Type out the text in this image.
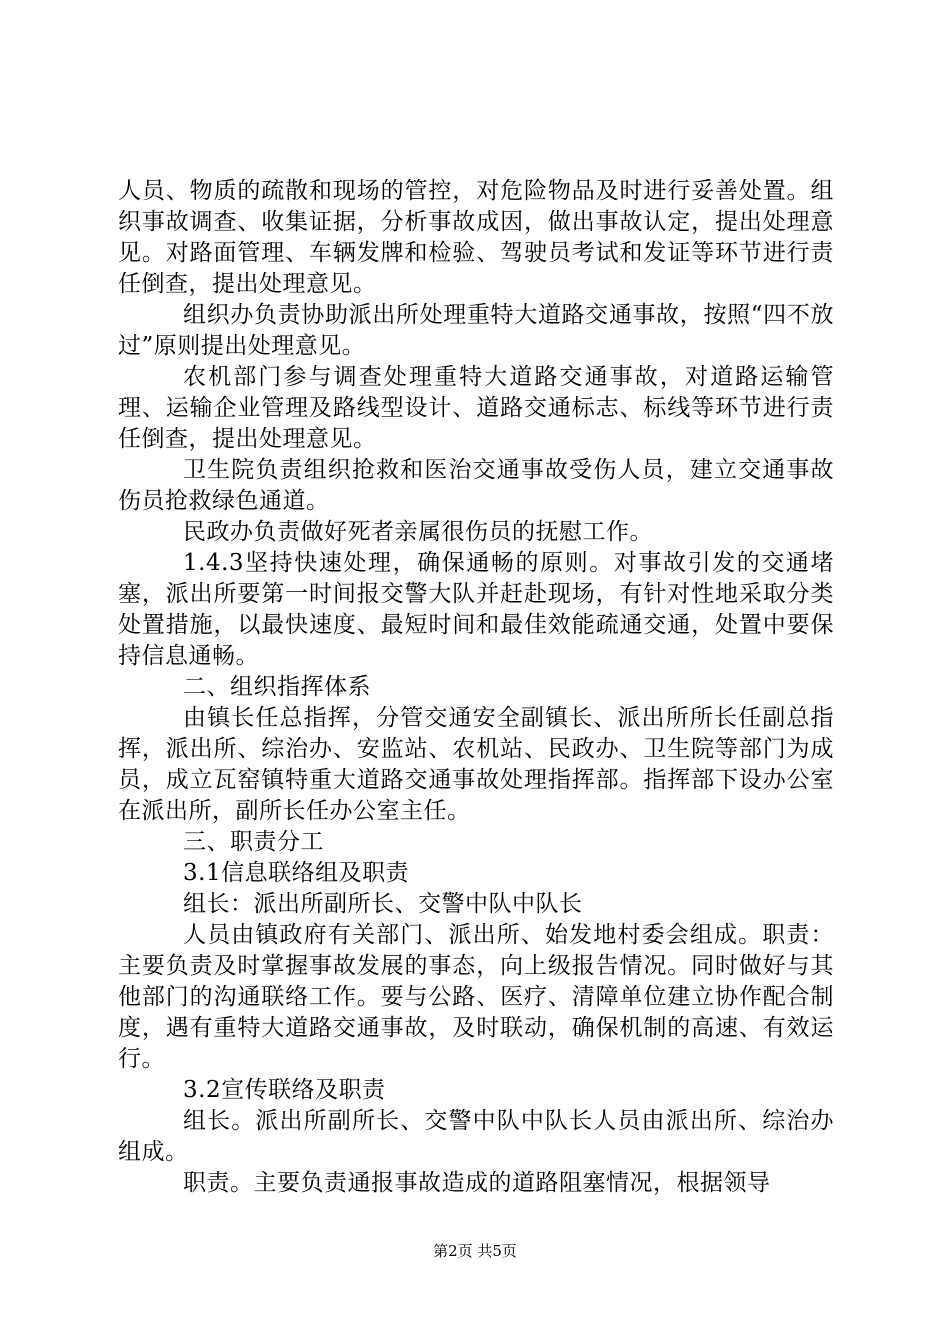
人员、物质的疏散和现场的管控，对危险物品及时进行妥善处置。组织事故调查、收集证据，分析事故成因，做出事故认定，提出处理意见。对路面管理、车辆发牌和检验、驾驶员考试和发证等环节进行责任倒查，提出处理意见。

组织办负责协助派出所处理重特大道路交通事故，按照“四不放过”原则提出处理意见。

农机部门参与调查处理重特大道路交通事故，对道路运输管理、运输企业管理及路线型设计、道路交通标志、标线等环节进行责任倒查，提出处理意见。

卫生院负责组织抢救和医治交通事故受伤人员，建立交通事故伤员抢救绿色通道。

民政办负责做好死者亲属很伤员的抚慰工作。

1.4.3坚持快速处理，确保通畅的原则。对事故引发的交通堵塞，派出所要第一时间报交警大队并赶赴现场，有针对性地采取分类处置措施，以最快速度、最短时间和最佳效能疏通交通，处置中要保持信息通畅。

二、组织指挥体系

由镇长任总指挥，分管交通安全副镇长、派出所所长任副总指挥，派出所、综治办、安监站、农机站、民政办、卫生院等部门为成员，成立瓦窑镇特重大道路交通事故处理指挥部。指挥部下设办公室在派出所，副所长任办公室主任。

三、职责分工

3.1信息联络组及职责

组长：派出所副所长、交警中队中队长

人员由镇政府有关部门、派出所、始发地村委会组成。职责：主要负责及时掌握事故发展的事态，向上级报告情况。同时做好与其他部门的沟通联络工作。要与公路、医疗、清障单位建立协作配合制度，遇有重特大道路交通事故，及时联动，确保机制的高速、有效运行。

3.2宣传联络及职责

组长。派出所副所长、交警中队中队长人员由派出所、综治办组成。

职责。主要负责通报事故造成的道路阻塞情况，根据领导

第2页 共5页
